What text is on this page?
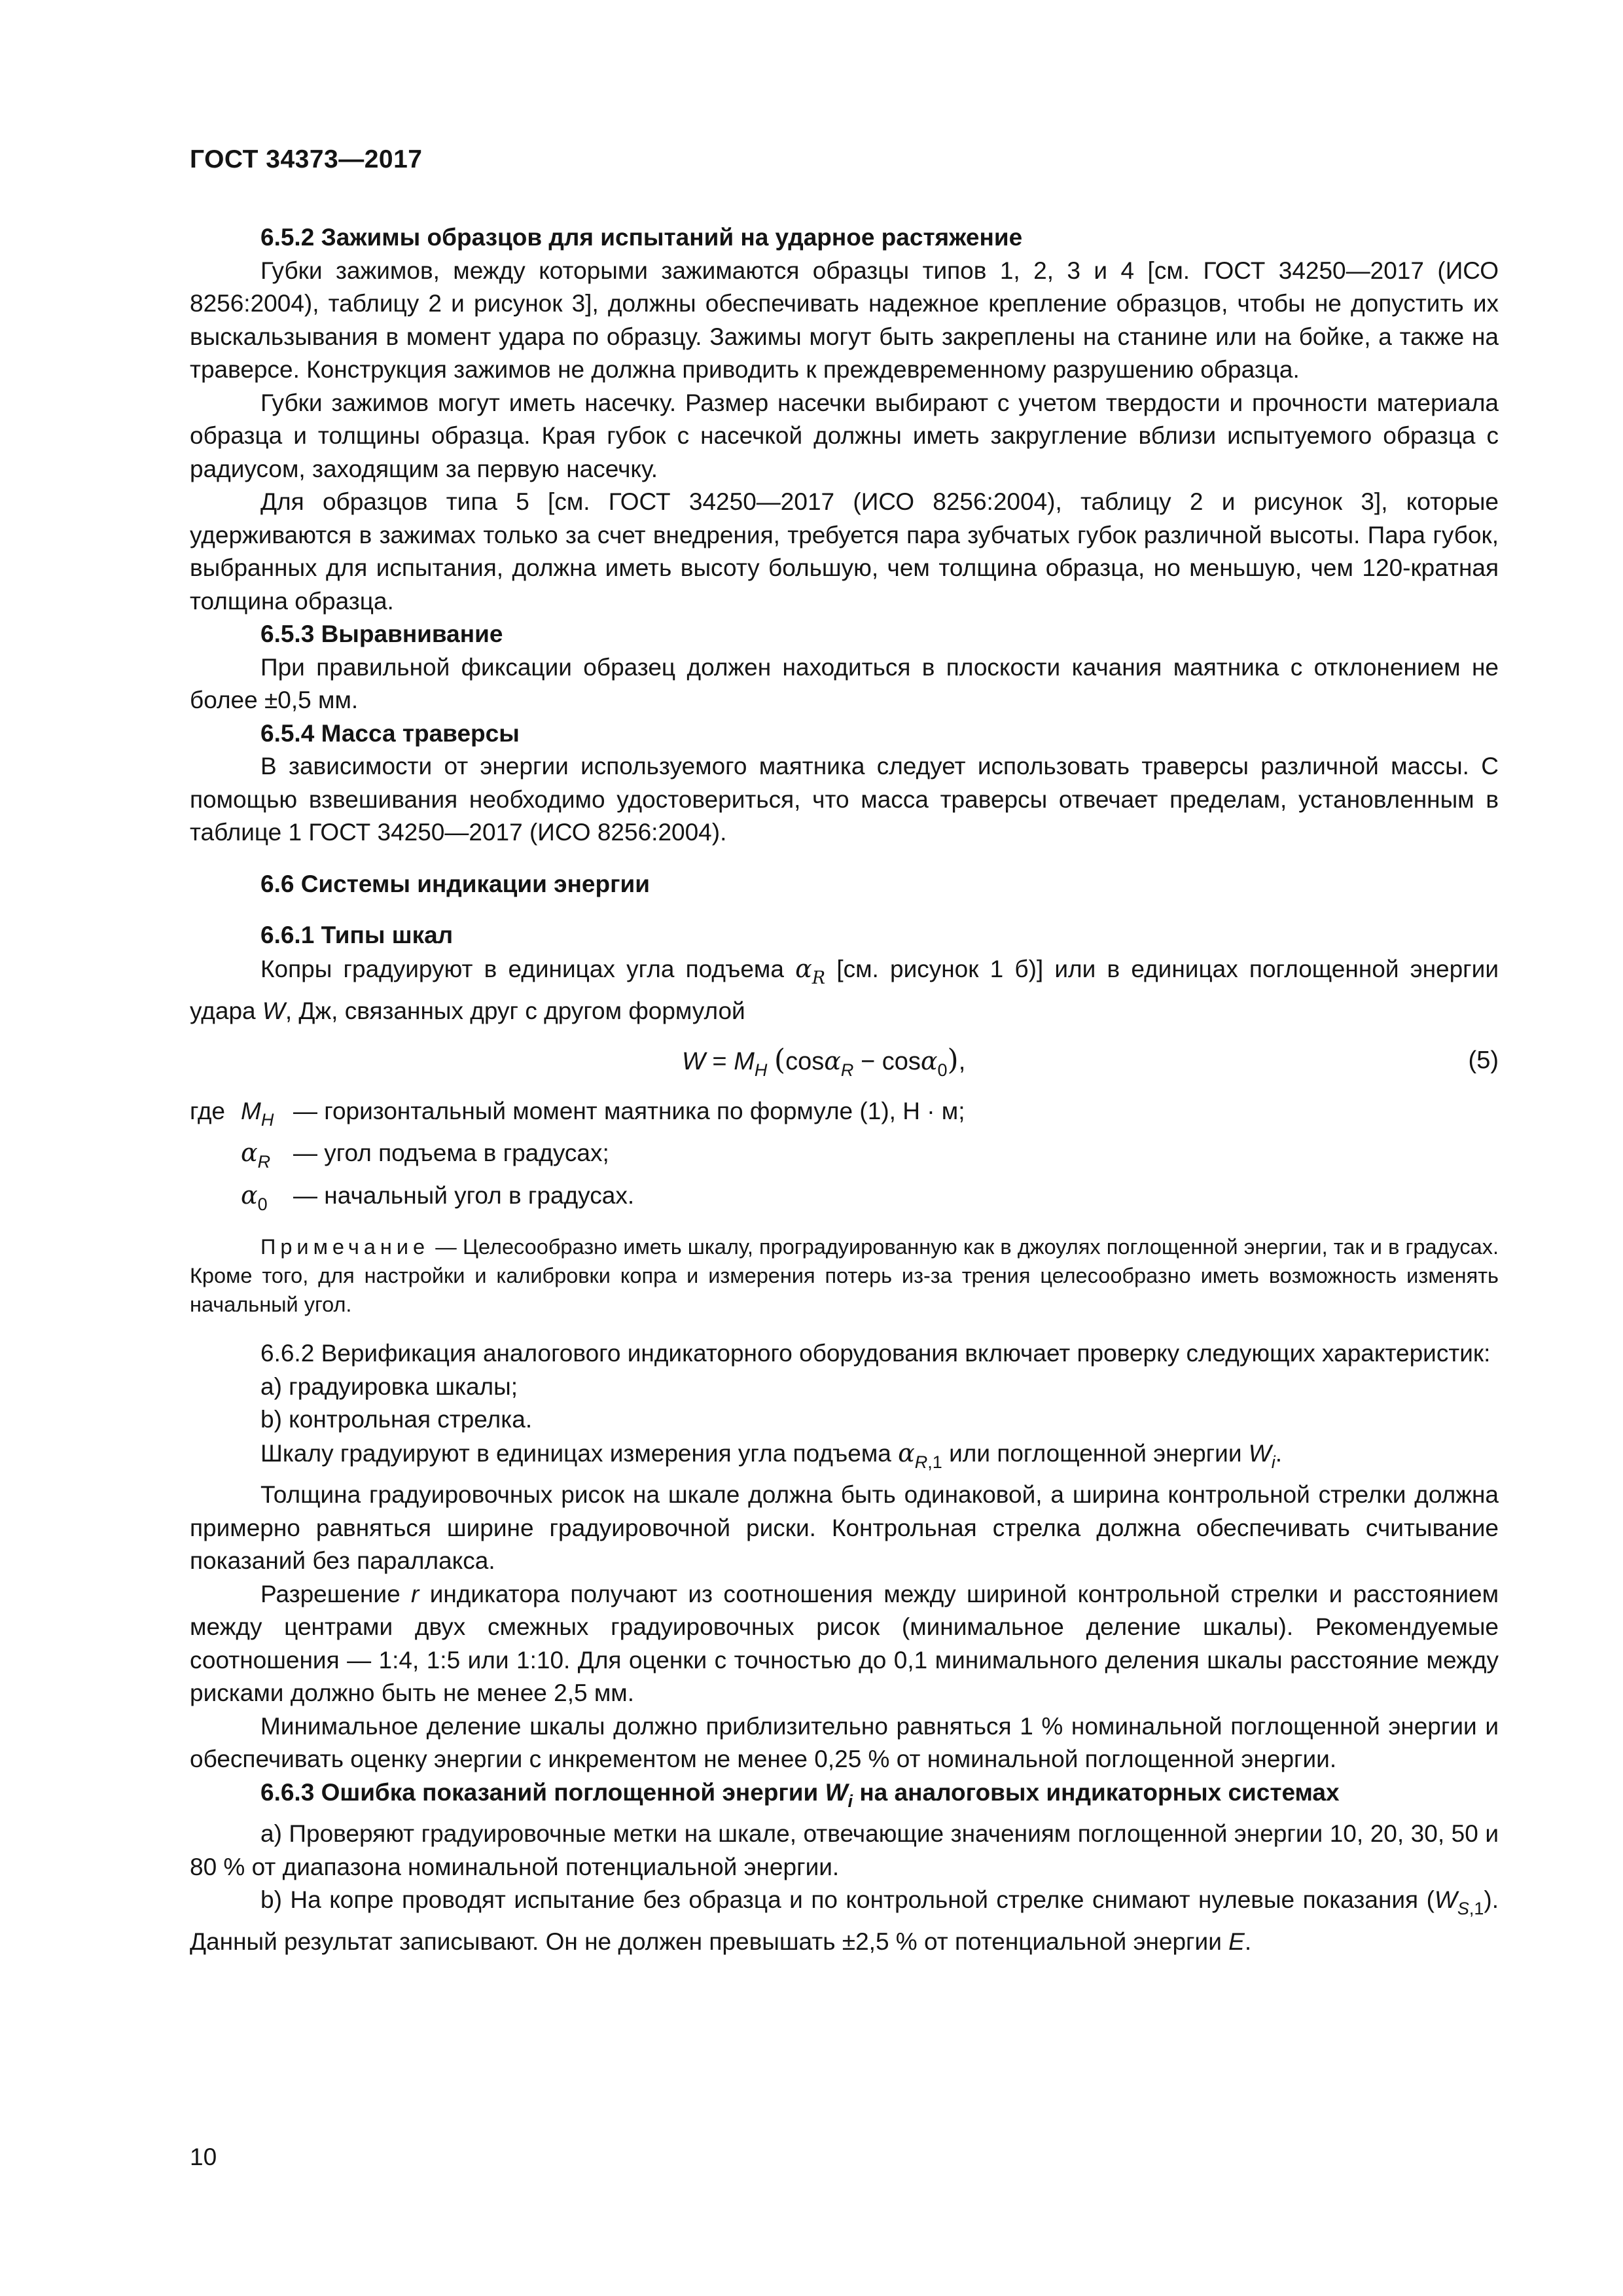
ГОСТ 34373—2017

6.5.2 Зажимы образцов для испытаний на ударное растяжение

Губки зажимов, между которыми зажимаются образцы типов 1, 2, 3 и 4 [см. ГОСТ 34250—2017 (ИСО 8256:2004), таблицу 2 и рисунок 3], должны обеспечивать надежное крепление образцов, чтобы не допустить их выскальзывания в момент удара по образцу. Зажимы могут быть закреплены на станине или на бойке, а также на траверсе. Конструкция зажимов не должна приводить к преждевременному разрушению образца.

Губки зажимов могут иметь насечку. Размер насечки выбирают с учетом твердости и прочности материала образца и толщины образца. Края губок с насечкой должны иметь закругление вблизи испытуемого образца с радиусом, заходящим за первую насечку.

Для образцов типа 5 [см. ГОСТ 34250—2017 (ИСО 8256:2004), таблицу 2 и рисунок 3], которые удерживаются в зажимах только за счет внедрения, требуется пара зубчатых губок различной высоты. Пара губок, выбранных для испытания, должна иметь высоту большую, чем толщина образца, но меньшую, чем 120-кратная толщина образца.

6.5.3 Выравнивание

При правильной фиксации образец должен находиться в плоскости качания маятника с отклонением не более ±0,5 мм.

6.5.4 Масса траверсы

В зависимости от энергии используемого маятника следует использовать траверсы различной массы. С помощью взвешивания необходимо удостовериться, что масса траверсы отвечает пределам, установленным в таблице 1 ГОСТ 34250—2017 (ИСО 8256:2004).

6.6 Системы индикации энергии

6.6.1 Типы шкал

Копры градуируют в единицах угла подъема $\alpha_R$ [см. рисунок 1 б)] или в единицах поглощенной энергии удара W, Дж, связанных друг с другом формулой

$W = M_H$ (cosα$_R$ − cosα$_0$),	(5)
где	$M_H$	— горизонтальный момент маятника по формуле (1), Н · м;
	$\alpha_R$	— угол подъема в градусах;
	$\alpha_0$	— начальный угол в градусах.

Примечание — Целесообразно иметь шкалу, проградуированную как в джоулях поглощенной энергии, так и в градусах. Кроме того, для настройки и калибровки копра и измерения потерь из-за трения целесообразно иметь возможность изменять начальный угол.

6.6.2 Верификация аналогового индикаторного оборудования включает проверку следующих характеристик:

а) градуировка шкалы;

b) контрольная стрелка.

Шкалу градуируют в единицах измерения угла подъема $\alpha_{R,1}$ или поглощенной энергии $W_i$.

Толщина градуировочных рисок на шкале должна быть одинаковой, а ширина контрольной стрелки должна примерно равняться ширине градуировочной риски. Контрольная стрелка должна обеспечивать считывание показаний без параллакса.

Разрешение r индикатора получают из соотношения между шириной контрольной стрелки и расстоянием между центрами двух смежных градуировочных рисок (минимальное деление шкалы). Рекомендуемые соотношения — 1:4, 1:5 или 1:10. Для оценки с точностью до 0,1 минимального деления шкалы расстояние между рисками должно быть не менее 2,5 мм.

Минимальное деление шкалы должно приблизительно равняться 1 % номинальной поглощенной энергии и обеспечивать оценку энергии с инкрементом не менее 0,25 % от номинальной поглощенной энергии.

6.6.3 Ошибка показаний поглощенной энергии $W_i$ на аналоговых индикаторных системах

а) Проверяют градуировочные метки на шкале, отвечающие значениям поглощенной энергии 10, 20, 30, 50 и 80 % от диапазона номинальной потенциальной энергии.

b) На копре проводят испытание без образца и по контрольной стрелке снимают нулевые показания $(W_{S,1})$. Данный результат записывают. Он не должен превышать ±2,5 % от потенциальной энергии E.

10
